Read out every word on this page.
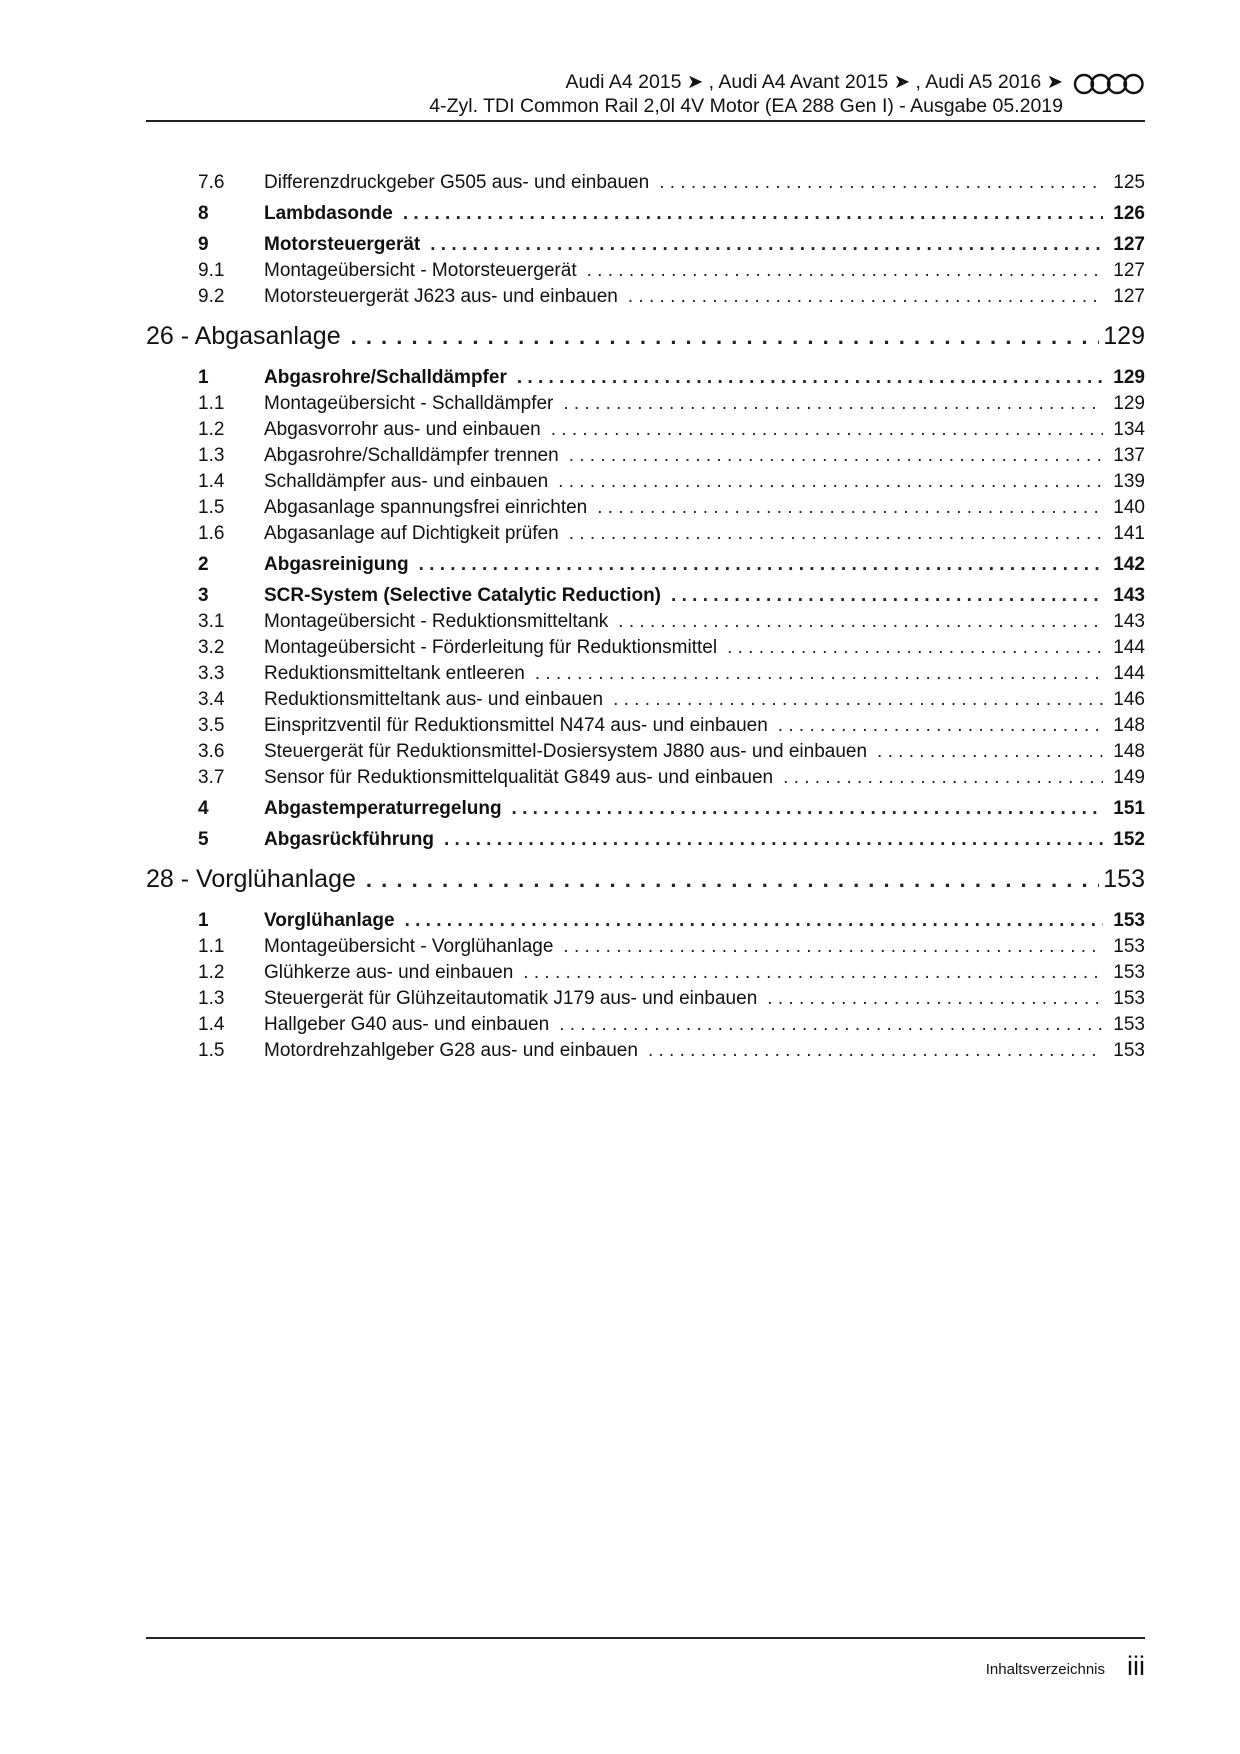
Audi A4 2015 ➤ , Audi A4 Avant 2015 ➤ , Audi A5 2016 ➤
4-Zyl. TDI Common Rail 2,0l 4V Motor (EA 288 Gen I) - Ausgabe 05.2019
7.6	Differenzdruckgeber G505 aus- und einbauen . . .	125
8	Lambdasonde . . .	126
9	Motorsteuergerät . . .	127
9.1	Montageübersicht - Motorsteuergerät . . .	127
9.2	Motorsteuergerät J623 aus- und einbauen . . .	127
26 - Abgasanlage . . .	129
1	Abgasrohre/Schalldämpfer . . .	129
1.1	Montageübersicht - Schalldämpfer . . .	129
1.2	Abgasvorrohr aus- und einbauen . . .	134
1.3	Abgasrohre/Schalldämpfer trennen . . .	137
1.4	Schalldämpfer aus- und einbauen . . .	139
1.5	Abgasanlage spannungsfrei einrichten . . .	140
1.6	Abgasanlage auf Dichtigkeit prüfen . . .	141
2	Abgasreinigung . . .	142
3	SCR-System (Selective Catalytic Reduction) . . .	143
3.1	Montageübersicht - Reduktionsmitteltank . . .	143
3.2	Montageübersicht - Förderleitung für Reduktionsmittel . . .	144
3.3	Reduktionsmitteltank entleeren . . .	144
3.4	Reduktionsmitteltank aus- und einbauen . . .	146
3.5	Einspritzventil für Reduktionsmittel N474 aus- und einbauen . . .	148
3.6	Steuergerät für Reduktionsmittel-Dosiersystem J880 aus- und einbauen . . .	148
3.7	Sensor für Reduktionsmittelqualität G849 aus- und einbauen . . .	149
4	Abgastemperaturregelung . . .	151
5	Abgasrückführung . . .	152
28 - Vorglühanlage . . .	153
1	Vorglühanlage . . .	153
1.1	Montageübersicht - Vorglühanlage . . .	153
1.2	Glühkerze aus- und einbauen . . .	153
1.3	Steuergerät für Glühzeitautomatik J179 aus- und einbauen . . .	153
1.4	Hallgeber G40 aus- und einbauen . . .	153
1.5	Motordrehzahlgeber G28 aus- und einbauen . . .	153
Inhaltsverzeichnis iii
